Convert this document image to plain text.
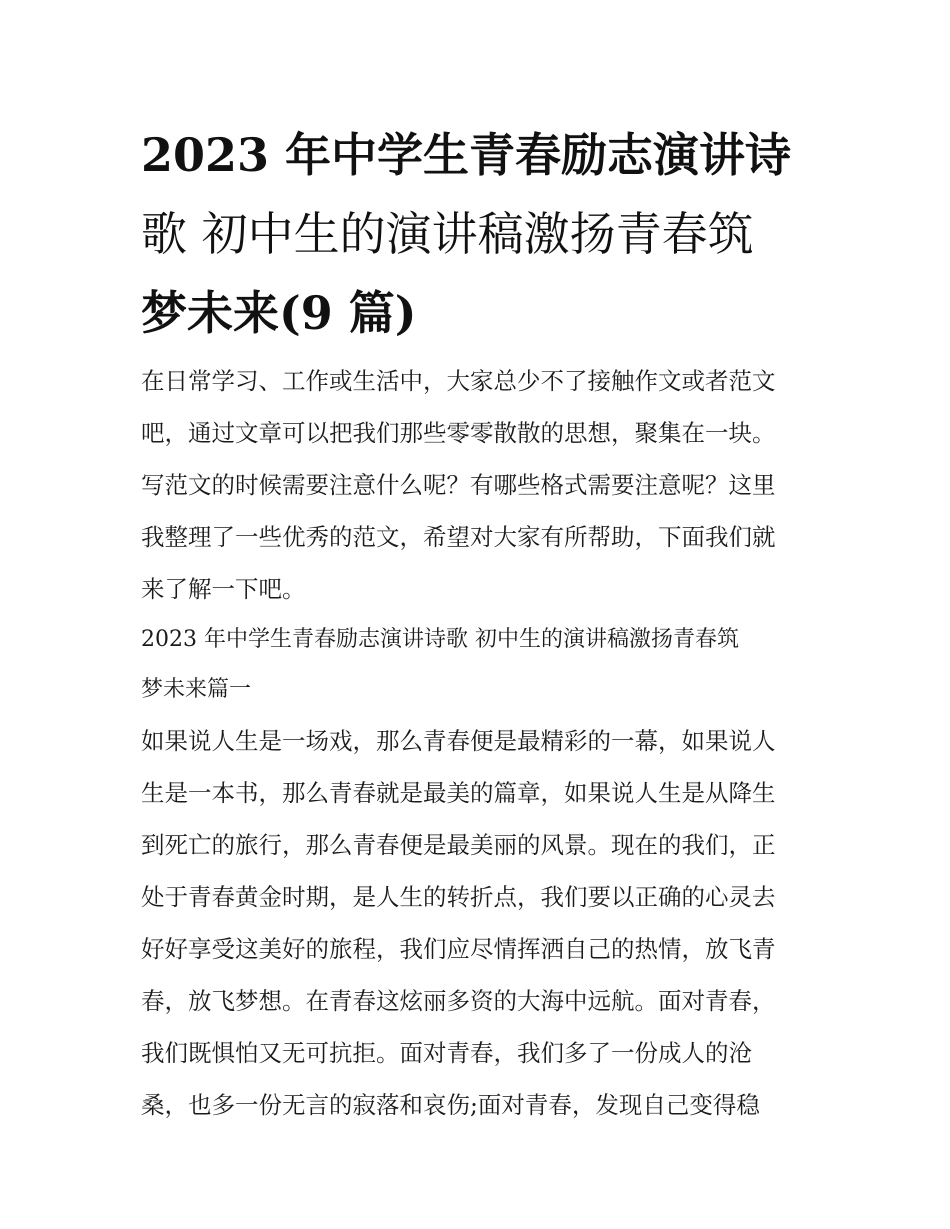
2023 年中学生青春励志演讲诗
歌 初中生的演讲稿激扬青春筑
梦未来(9 篇)
在日常学习、工作或生活中，大家总少不了接触作文或者范文
吧，通过文章可以把我们那些零零散散的思想，聚集在一块。
写范文的时候需要注意什么呢？有哪些格式需要注意呢？这里
我整理了一些优秀的范文，希望对大家有所帮助，下面我们就
来了解一下吧。
2023 年中学生青春励志演讲诗歌 初中生的演讲稿激扬青春筑
梦未来篇一
如果说人生是一场戏，那么青春便是最精彩的一幕，如果说人
生是一本书，那么青春就是最美的篇章，如果说人生是从降生
到死亡的旅行，那么青春便是最美丽的风景。现在的我们，正
处于青春黄金时期，是人生的转折点，我们要以正确的心灵去
好好享受这美好的旅程，我们应尽情挥洒自己的热情，放飞青
春，放飞梦想。在青春这炫丽多资的大海中远航。面对青春，
我们既惧怕又无可抗拒。面对青春，我们多了一份成人的沧
桑，也多一份无言的寂落和哀伤;面对青春，发现自己变得稳
